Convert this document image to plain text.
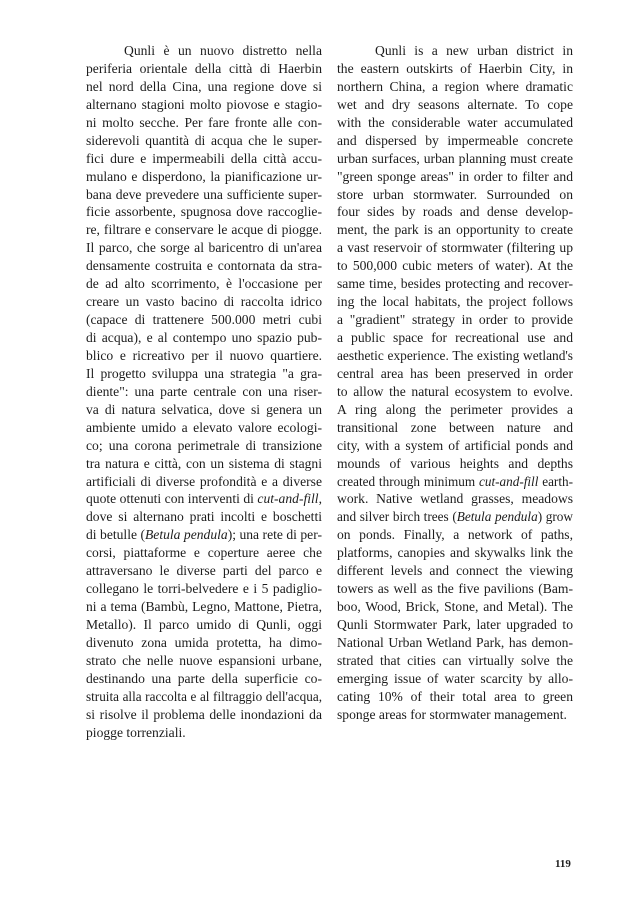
Qunli è un nuovo distretto nella
periferia orientale della città di Haerbin
nel nord della Cina, una regione dove si
alternano stagioni molto piovose e stagio-
ni molto secche. Per fare fronte alle con-
siderevoli quantità di acqua che le super-
fici dure e impermeabili della città accu-
mulano e disperdono, la pianificazione ur-
bana deve prevedere una sufficiente super-
ficie assorbente, spugnosa dove raccoglie-
re, filtrare e conservare le acque di piogge.
Il parco, che sorge al baricentro di un'area
densamente costruita e contornata da stra-
de ad alto scorrimento, è l'occasione per
creare un vasto bacino di raccolta idrico
(capace di trattenere 500.000 metri cubi
di acqua), e al contempo uno spazio pub-
blico e ricreativo per il nuovo quartiere.
Il progetto sviluppa una strategia "a gra-
diente": una parte centrale con una riser-
va di natura selvatica, dove si genera un
ambiente umido a elevato valore ecologi-
co; una corona perimetrale di transizione
tra natura e città, con un sistema di stagni
artificiali di diverse profondità e a diverse
quote ottenuti con interventi di cut-and-fill,
dove si alternano prati incolti e boschetti
di betulle (Betula pendula); una rete di per-
corsi, piattaforme e coperture aeree che
attraversano le diverse parti del parco e
collegano le torri-belvedere e i 5 padiglio-
ni a tema (Bambù, Legno, Mattone, Pietra,
Metallo). Il parco umido di Qunli, oggi
divenuto zona umida protetta, ha dimo-
strato che nelle nuove espansioni urbane,
destinando una parte della superficie co-
struita alla raccolta e al filtraggio dell'acqua,
si risolve il problema delle inondazioni da
piogge torrenziali.
Qunli is a new urban district in
the eastern outskirts of Haerbin City, in
northern China, a region where dramatic
wet and dry seasons alternate. To cope
with the considerable water accumulated
and dispersed by impermeable concrete
urban surfaces, urban planning must create
"green sponge areas" in order to filter and
store urban stormwater. Surrounded on
four sides by roads and dense develop-
ment, the park is an opportunity to create
a vast reservoir of stormwater (filtering up
to 500,000 cubic meters of water). At the
same time, besides protecting and recover-
ing the local habitats, the project follows
a "gradient" strategy in order to provide
a public space for recreational use and
aesthetic experience. The existing wetland's
central area has been preserved in order
to allow the natural ecosystem to evolve.
A ring along the perimeter provides a
transitional zone between nature and
city, with a system of artificial ponds and
mounds of various heights and depths
created through minimum cut-and-fill earth-
work. Native wetland grasses, meadows
and silver birch trees (Betula pendula) grow
on ponds. Finally, a network of paths,
platforms, canopies and skywalks link the
different levels and connect the viewing
towers as well as the five pavilions (Bam-
boo, Wood, Brick, Stone, and Metal). The
Qunli Stormwater Park, later upgraded to
National Urban Wetland Park, has demon-
strated that cities can virtually solve the
emerging issue of water scarcity by allo-
cating 10% of their total area to green
sponge areas for stormwater management.
119
